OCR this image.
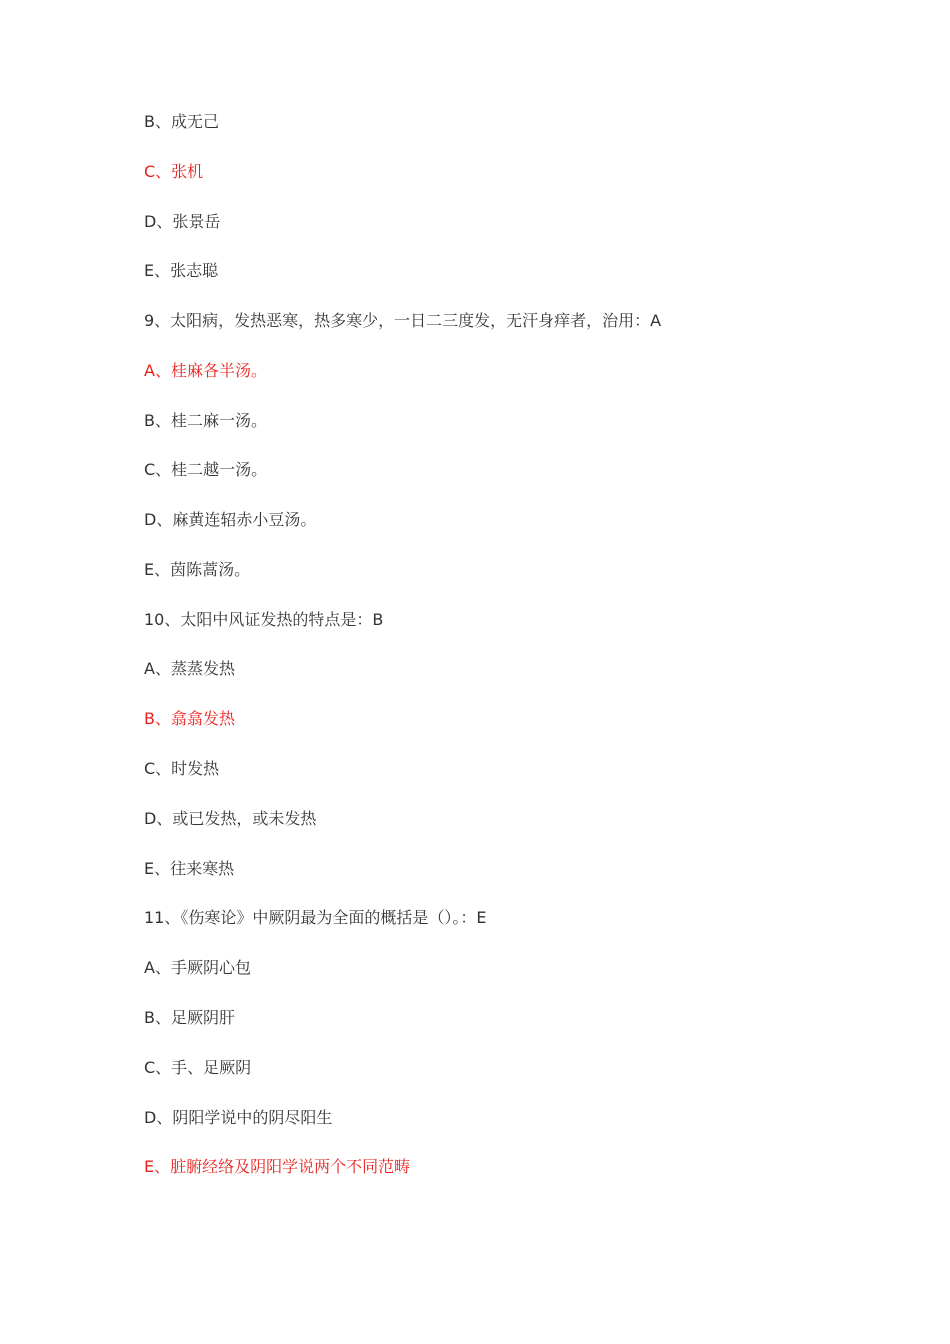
B、成无己
C、张机
D、张景岳
E、张志聪
9、太阳病，发热恶寒，热多寒少，一日二三度发，无汗身痒者，治用：A
A、桂麻各半汤。
B、桂二麻一汤。
C、桂二越一汤。
D、麻黄连轺赤小豆汤。
E、茵陈蒿汤。
10、太阳中风证发热的特点是：B
A、蒸蒸发热
B、翕翕发热
C、时发热
D、或已发热，或未发热
E、往来寒热
11、《伤寒论》中厥阴最为全面的概括是（）。：E
A、手厥阴心包
B、足厥阴肝
C、手、足厥阴
D、阴阳学说中的阴尽阳生
E、脏腑经络及阴阳学说两个不同范畴
